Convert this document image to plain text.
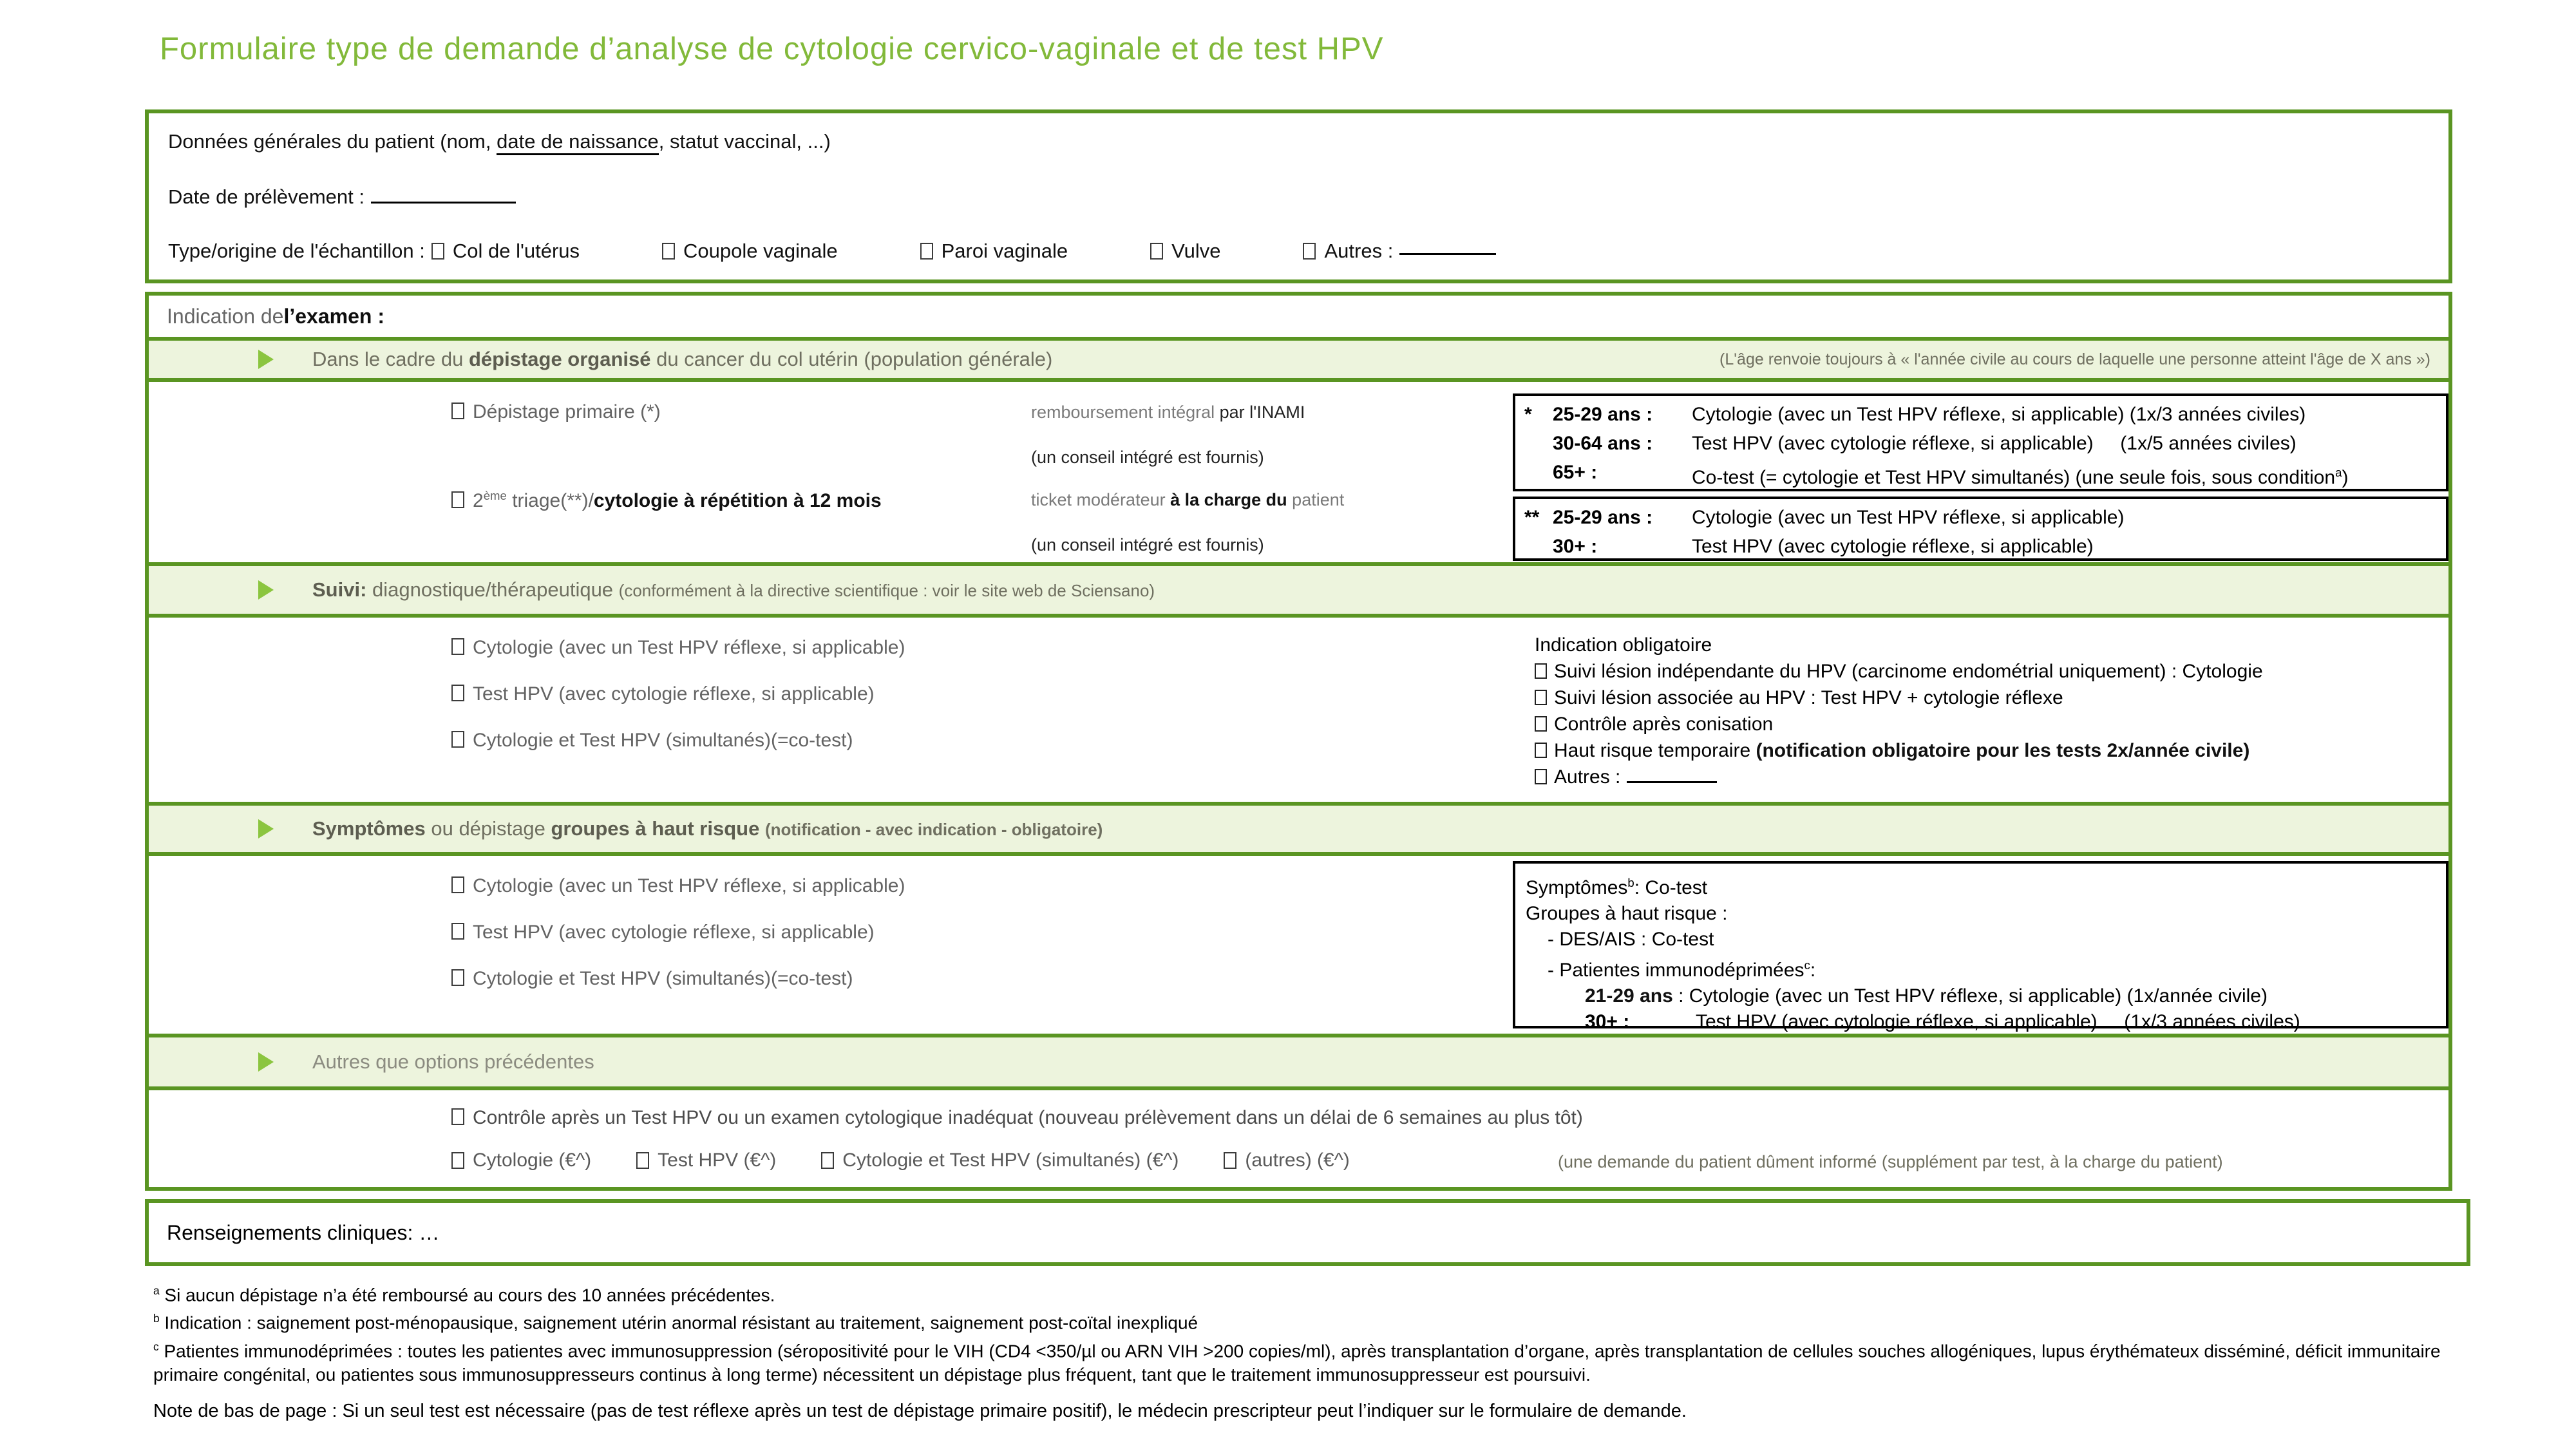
Formulaire type de demande d’analyse de cytologie cervico-vaginale et de test HPV
Données générales du patient (nom, date de naissance, statut vaccinal, ...)
Date de prélèvement :
Type/origine de l'échantillon : Col de l'utérus	Coupole vaginale	Paroi vaginale	Vulve	Autres :
Indication de l’examen :
Dans le cadre du dépistage organisé du cancer du col utérin (population générale)	(L'âge renvoie toujours à « l'année civile au cours de laquelle une personne atteint l'âge de X ans »)
Dépistage primaire (*)	remboursement intégral par l'INAMI
(un conseil intégré est fournis)
2ème triage(**)/cytologie à répétition à 12 mois	ticket modérateur à la charge du patient
(un conseil intégré est fournis)
*	25-29 ans :	Cytologie (avec un Test HPV réflexe, si applicable) (1x/3 années civiles)
30-64 ans :	Test HPV (avec cytologie réflexe, si applicable)     (1x/5 années civiles)
65+ :	Co-test (= cytologie et Test HPV simultanés) (une seule fois, sous condition$^a$)
** 25-29 ans :	Cytologie (avec un Test HPV réflexe, si applicable)
30+ :	Test HPV (avec cytologie réflexe, si applicable)
Suivi: diagnostique/thérapeutique (conformément à la directive scientifique : voir le site web de Sciensano)
Cytologie (avec un Test HPV réflexe, si applicable)
Test HPV (avec cytologie réflexe, si applicable)
Cytologie et Test HPV (simultanés)(=co-test)
Indication obligatoire
Suivi lésion indépendante du HPV (carcinome endométrial uniquement) : Cytologie
Suivi lésion associée au HPV : Test HPV + cytologie réflexe
Contrôle après conisation
Haut risque temporaire (notification obligatoire pour les tests 2x/année civile)
Autres :
Symptômes ou dépistage groupes à haut risque (notification - avec indication - obligatoire)
Cytologie (avec un Test HPV réflexe, si applicable)
Test HPV (avec cytologie réflexe, si applicable)
Cytologie et Test HPV (simultanés)(=co-test)
Symptômes$^b$: Co-test
Groupes à haut risque :
- DES/AIS : Co-test
- Patientes immunodéprimées$^c$:
21-29 ans : Cytologie (avec un Test HPV réflexe, si applicable) (1x/année civile)
30+ :	Test HPV (avec cytologie réflexe, si applicable)     (1x/3 années civiles)
Autres que options précédentes
Contrôle après un Test HPV ou un examen cytologique inadéquat (nouveau prélèvement dans un délai de 6 semaines au plus tôt)
Cytologie (€^)	Test HPV (€^)	Cytologie et Test HPV (simultanés) (€^)	(autres) (€^)	(une demande du patient dûment informé (supplément par test, à la charge du patient)
Renseignements cliniques: …

$^a$ Si aucun dépistage n’a été remboursé au cours des 10 années précédentes.

$^b$ Indication : saignement post-ménopausique, saignement utérin anormal résistant au traitement, saignement post-coïtal inexpliqué

$^c$ Patientes immunodéprimées : toutes les patientes avec immunosuppression (séropositivité pour le VIH (CD4 <350/µl ou ARN VIH >200 copies/ml), après transplantation d’organe, après transplantation de cellules souches allogéniques, lupus érythémateux disséminé, déficit immunitaire primaire congénital, ou patientes sous immunosuppresseurs continus à long terme) nécessitent un dépistage plus fréquent, tant que le traitement immunosuppresseur est poursuivi.

Note de bas de page : Si un seul test est nécessaire (pas de test réflexe après un test de dépistage primaire positif), le médecin prescripteur peut l’indiquer sur le formulaire de demande.
